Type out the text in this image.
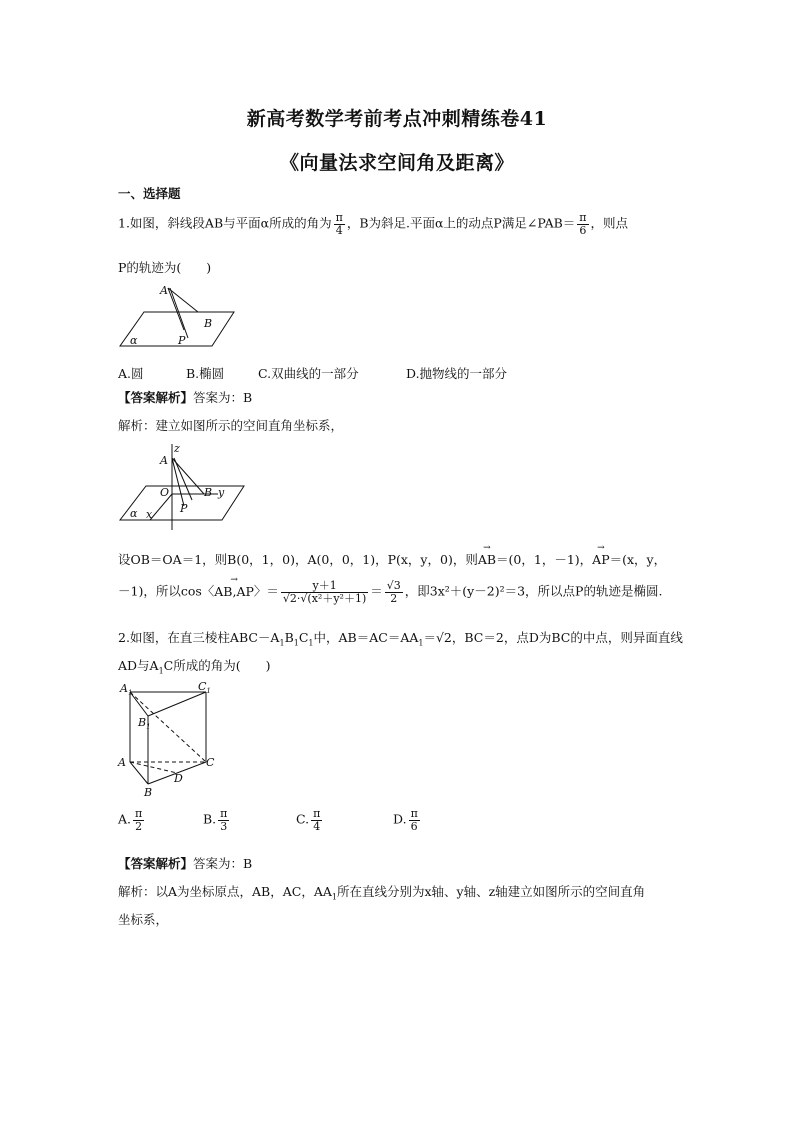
新高考数学考前考点冲刺精练卷41
《向量法求空间角及距离》
一、选择题
1.如图，斜线段AB与平面α所成的角为 $\frac{\pi}{4}$ ，B为斜足.平面α上的动点P满足∠PAB＝ $\frac{\pi}{6}$ ，则点
P的轨迹为(　　)
A
B
P
α
A.圆	B.椭圆	C.双曲线的一部分	D.抛物线的一部分
【答案解析】答案为：B
解析：建立如图所示的空间直角坐标系，
A
z
O	B y
P
α x
设OB＝OA＝1，则B(0，1，0)，A(0，0，1)，P(x，y，0)，则→ AB＝(0，1，－1)，→ AP＝(x，y，
－1)，所以cos〈→ AB,AP〉＝ $\frac{y+1}{\text{√2·√(x²＋y²＋1)}} = \frac{√3}{2}$ ，即3x²＋(y－2)²＝3，所以点P的轨迹是椭圆.
2.如图，在直三棱柱$ABC-A_1B_1C_1$中，$AB=AC=AA_1=√2$，BC＝2，点D为BC的中点，则异面直线
AD与$A_1C$所成的角为(　　)
$A_1$	$C_1$
$B_1$
A	C
D
B
A. $\frac{\pi}{2}$	B. $\frac{\pi}{3}$	C. $\frac{\pi}{4}$	D. $\frac{\pi}{6}$
【答案解析】答案为：B
解析：以A为坐标原点，AB，AC，$AA_1$所在直线分别为x轴、y轴、z轴建立如图所示的空间直角
坐标系，
